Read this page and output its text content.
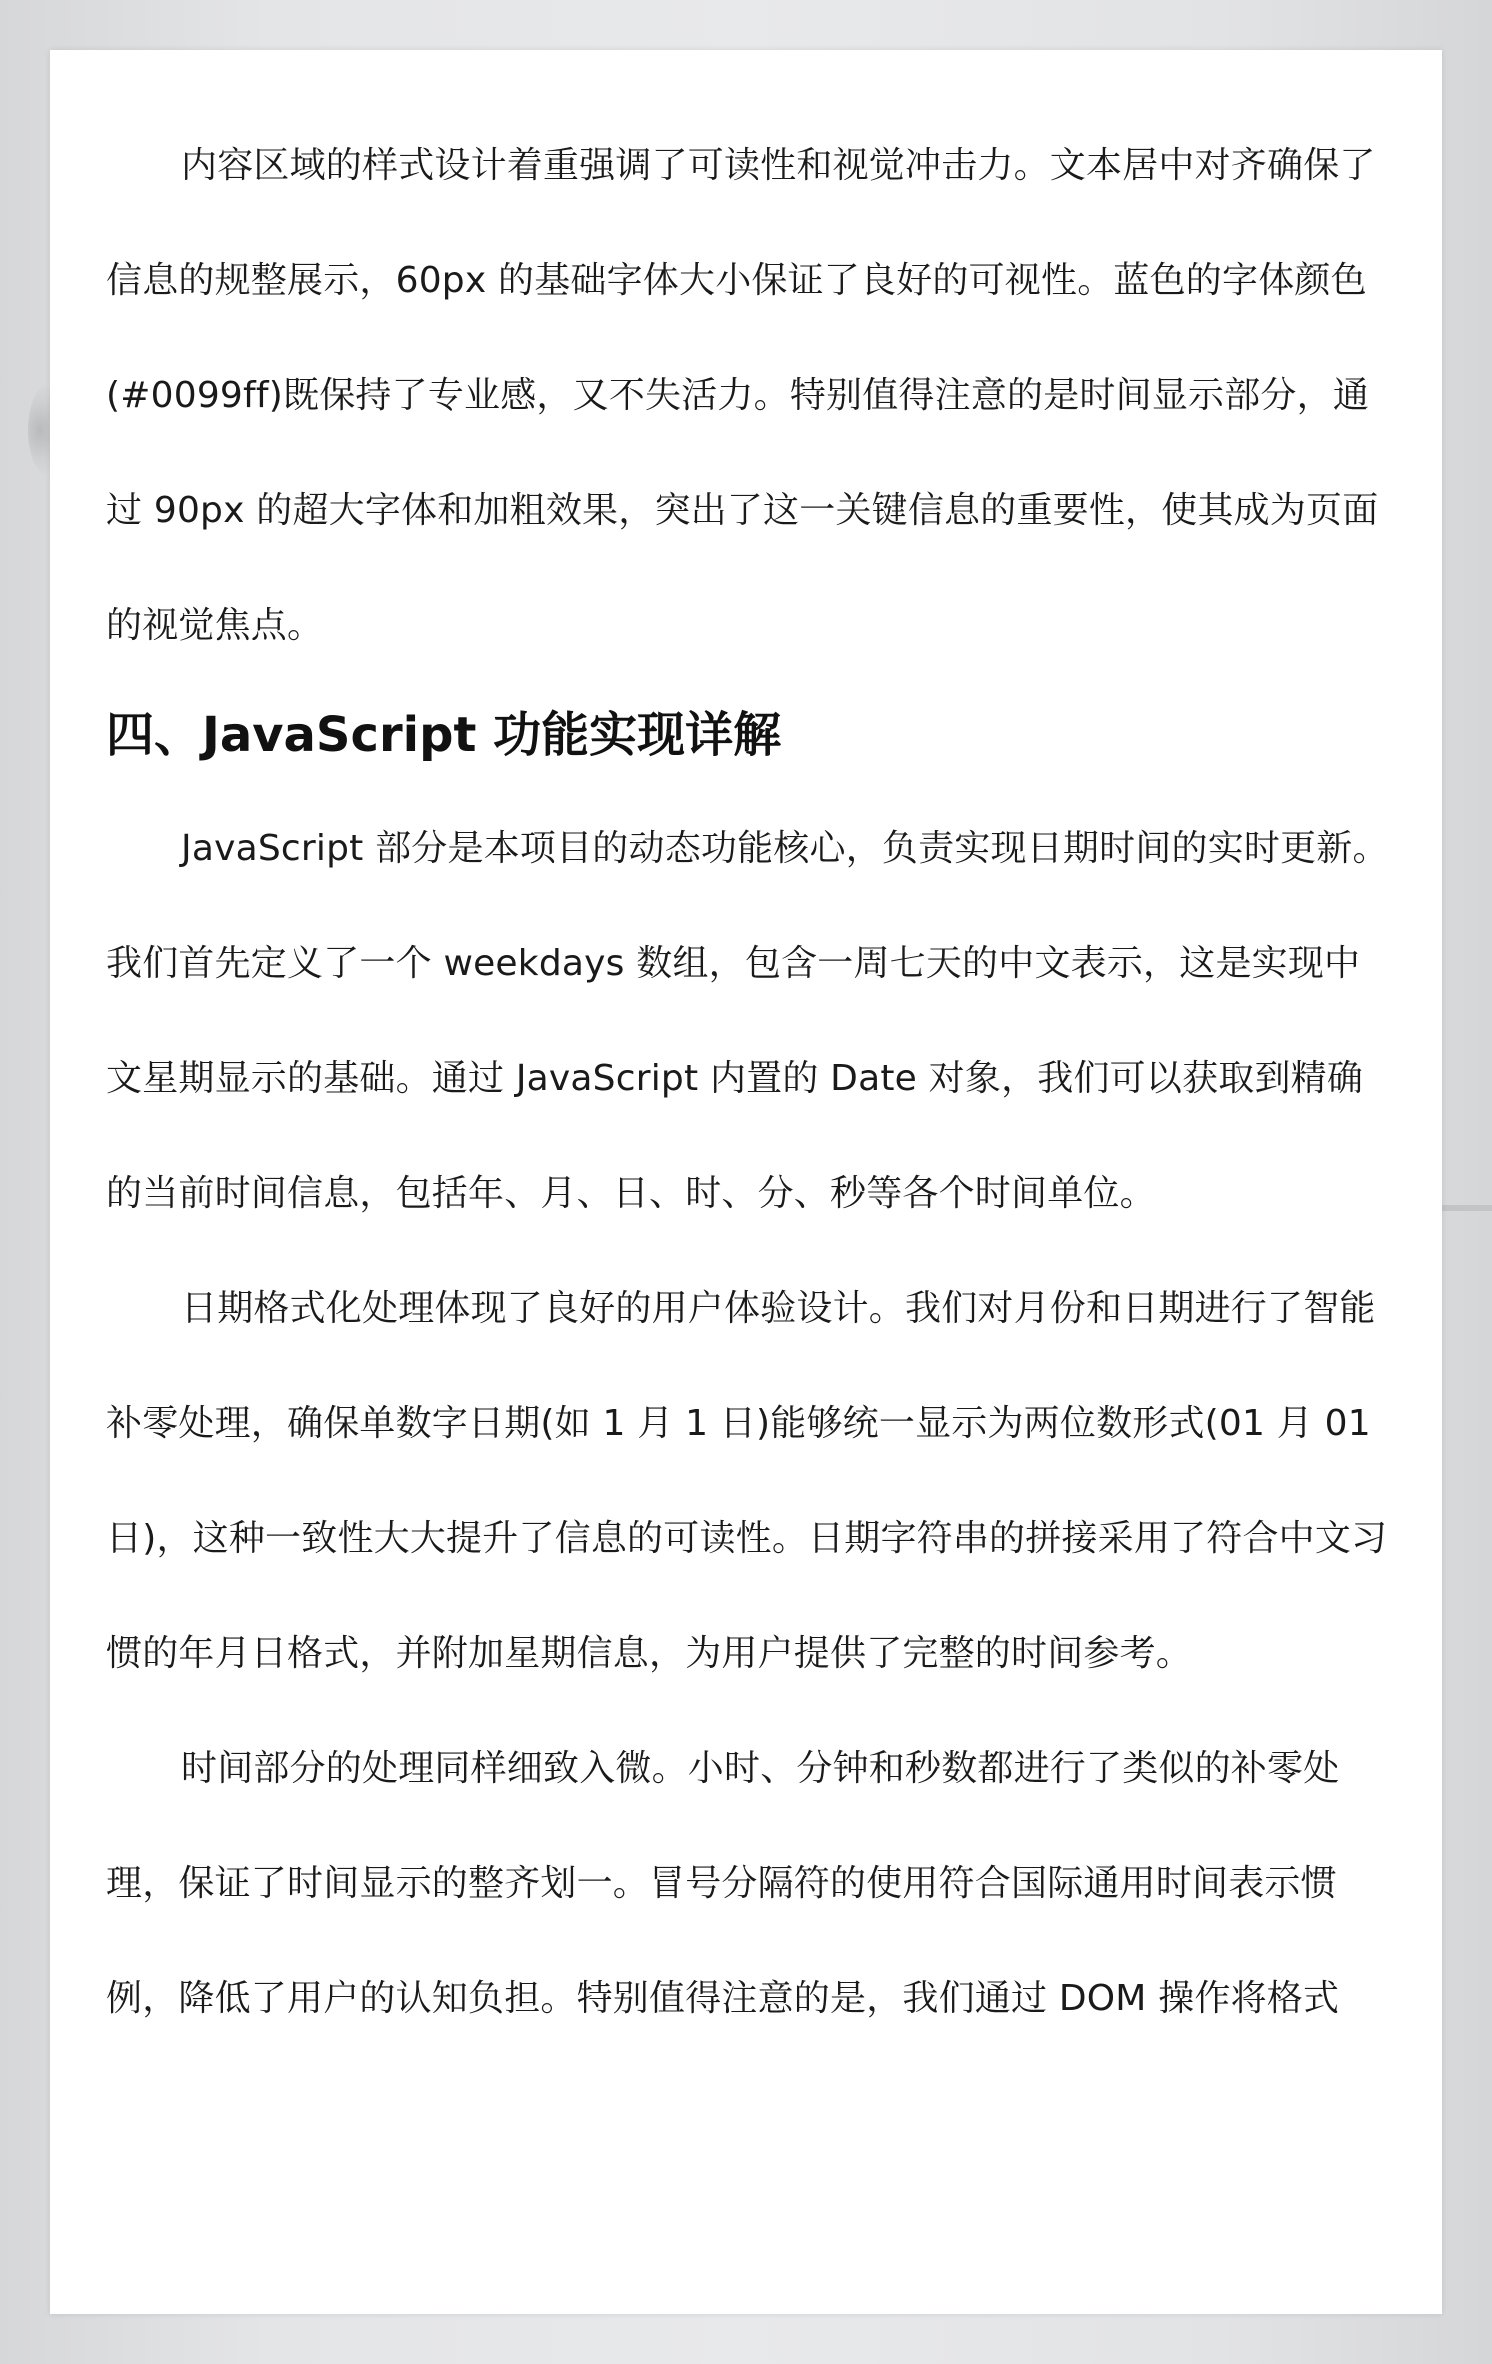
内容区域的样式设计着重强调了可读性和视觉冲击力。文本居中对齐确保了信息的规整展示，60px 的基础字体大小保证了良好的可视性。蓝色的字体颜色(#0099ff)既保持了专业感，又不失活力。特别值得注意的是时间显示部分，通过 90px 的超大字体和加粗效果，突出了这一关键信息的重要性，使其成为页面的视觉焦点。

四、JavaScript 功能实现详解

JavaScript 部分是本项目的动态功能核心，负责实现日期时间的实时更新。我们首先定义了一个 weekdays 数组，包含一周七天的中文表示，这是实现中文星期显示的基础。通过 JavaScript 内置的 Date 对象，我们可以获取到精确的当前时间信息，包括年、月、日、时、分、秒等各个时间单位。

日期格式化处理体现了良好的用户体验设计。我们对月份和日期进行了智能补零处理，确保单数字日期(如 1 月 1 日)能够统一显示为两位数形式(01 月 01 日)，这种一致性大大提升了信息的可读性。日期字符串的拼接采用了符合中文习惯的年月日格式，并附加星期信息，为用户提供了完整的时间参考。

时间部分的处理同样细致入微。小时、分钟和秒数都进行了类似的补零处理，保证了时间显示的整齐划一。冒号分隔符的使用符合国际通用时间表示惯例，降低了用户的认知负担。特别值得注意的是，我们通过 DOM 操作将格式
